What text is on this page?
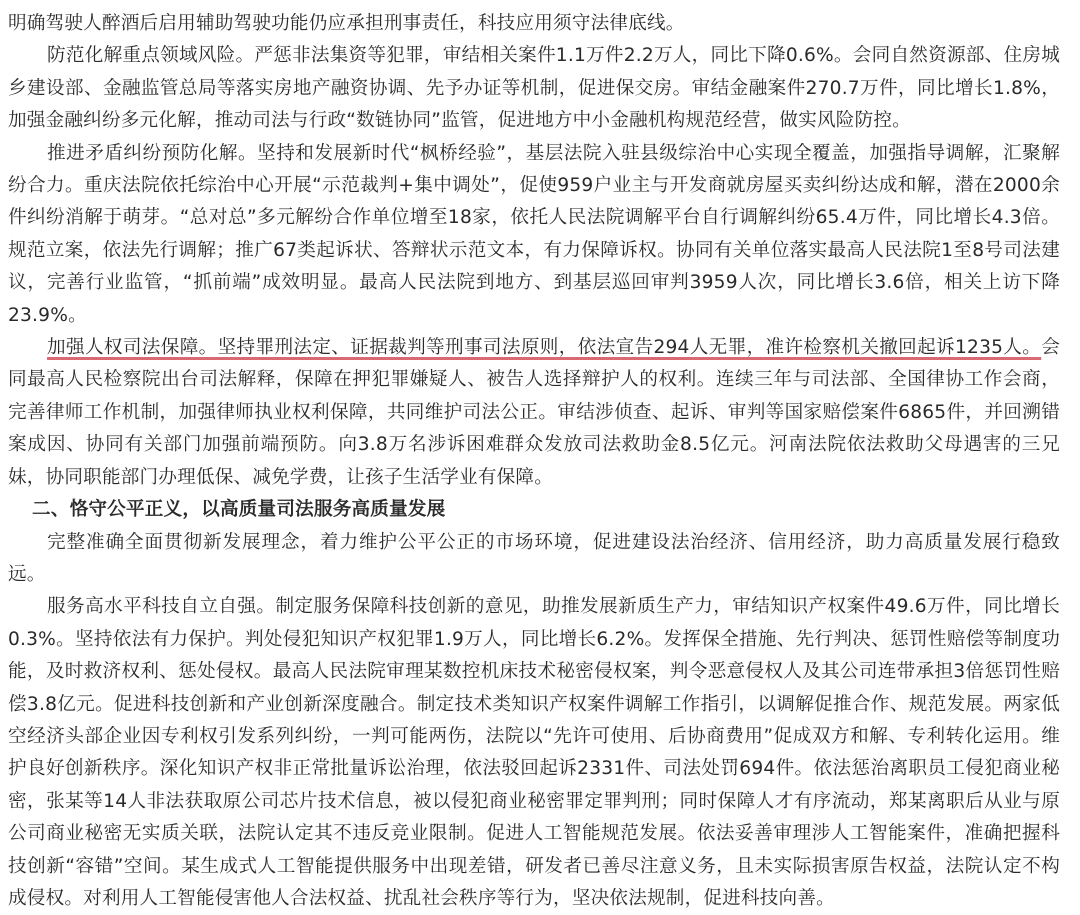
明确驾驶人醉酒后启用辅助驾驶功能仍应承担刑事责任，科技应用须守法律底线。

防范化解重点领域风险。严惩非法集资等犯罪，审结相关案件1.1万件2.2万人，同比下降0.6%。会同自然资源部、住房城乡建设部、金融监管总局等落实房地产融资协调、先予办证等机制，促进保交房。审结金融案件270.7万件，同比增长1.8%，加强金融纠纷多元化解，推动司法与行政“数链协同”监管，促进地方中小金融机构规范经营，做实风险防控。

推进矛盾纠纷预防化解。坚持和发展新时代“枫桥经验”，基层法院入驻县级综治中心实现全覆盖，加强指导调解，汇聚解纷合力。重庆法院依托综治中心开展“示范裁判+集中调处”，促使959户业主与开发商就房屋买卖纠纷达成和解，潜在2000余件纠纷消解于萌芽。“总对总”多元解纷合作单位增至18家，依托人民法院调解平台自行调解纠纷65.4万件，同比增长4.3倍。规范立案，依法先行调解；推广67类起诉状、答辩状示范文本，有力保障诉权。协同有关单位落实最高人民法院1至8号司法建议，完善行业监管，“抓前端”成效明显。最高人民法院到地方、到基层巡回审判3959人次，同比增长3.6倍，相关上访下降23.9%。

加强人权司法保障。坚持罪刑法定、证据裁判等刑事司法原则，依法宣告294人无罪，准许检察机关撤回起诉1235人。会同最高人民检察院出台司法解释，保障在押犯罪嫌疑人、被告人选择辩护人的权利。连续三年与司法部、全国律协工作会商，完善律师工作机制，加强律师执业权利保障，共同维护司法公正。审结涉侦查、起诉、审判等国家赔偿案件6865件，并回溯错案成因、协同有关部门加强前端预防。向3.8万名涉诉困难群众发放司法救助金8.5亿元。河南法院依法救助父母遇害的三兄妹，协同职能部门办理低保、减免学费，让孩子生活学业有保障。

二、恪守公平正义，以高质量司法服务高质量发展

完整准确全面贯彻新发展理念，着力维护公平公正的市场环境，促进建设法治经济、信用经济，助力高质量发展行稳致远。

服务高水平科技自立自强。制定服务保障科技创新的意见，助推发展新质生产力，审结知识产权案件49.6万件，同比增长0.3%。坚持依法有力保护。判处侵犯知识产权犯罪1.9万人，同比增长6.2%。发挥保全措施、先行判决、惩罚性赔偿等制度功能，及时救济权利、惩处侵权。最高人民法院审理某数控机床技术秘密侵权案，判令恶意侵权人及其公司连带承担3倍惩罚性赔偿3.8亿元。促进科技创新和产业创新深度融合。制定技术类知识产权案件调解工作指引，以调解促推合作、规范发展。两家低空经济头部企业因专利权引发系列纠纷，一判可能两伤，法院以“先许可使用、后协商费用”促成双方和解、专利转化运用。维护良好创新秩序。深化知识产权非正常批量诉讼治理，依法驳回起诉2331件、司法处罚694件。依法惩治离职员工侵犯商业秘密，张某等14人非法获取原公司芯片技术信息，被以侵犯商业秘密罪定罪判刑；同时保障人才有序流动，郑某离职后从业与原公司商业秘密无实质关联，法院认定其不违反竞业限制。促进人工智能规范发展。依法妥善审理涉人工智能案件，准确把握科技创新“容错”空间。某生成式人工智能提供服务中出现差错，研发者已善尽注意义务，且未实际损害原告权益，法院认定不构成侵权。对利用人工智能侵害他人合法权益、扰乱社会秩序等行为，坚决依法规制，促进科技向善。
